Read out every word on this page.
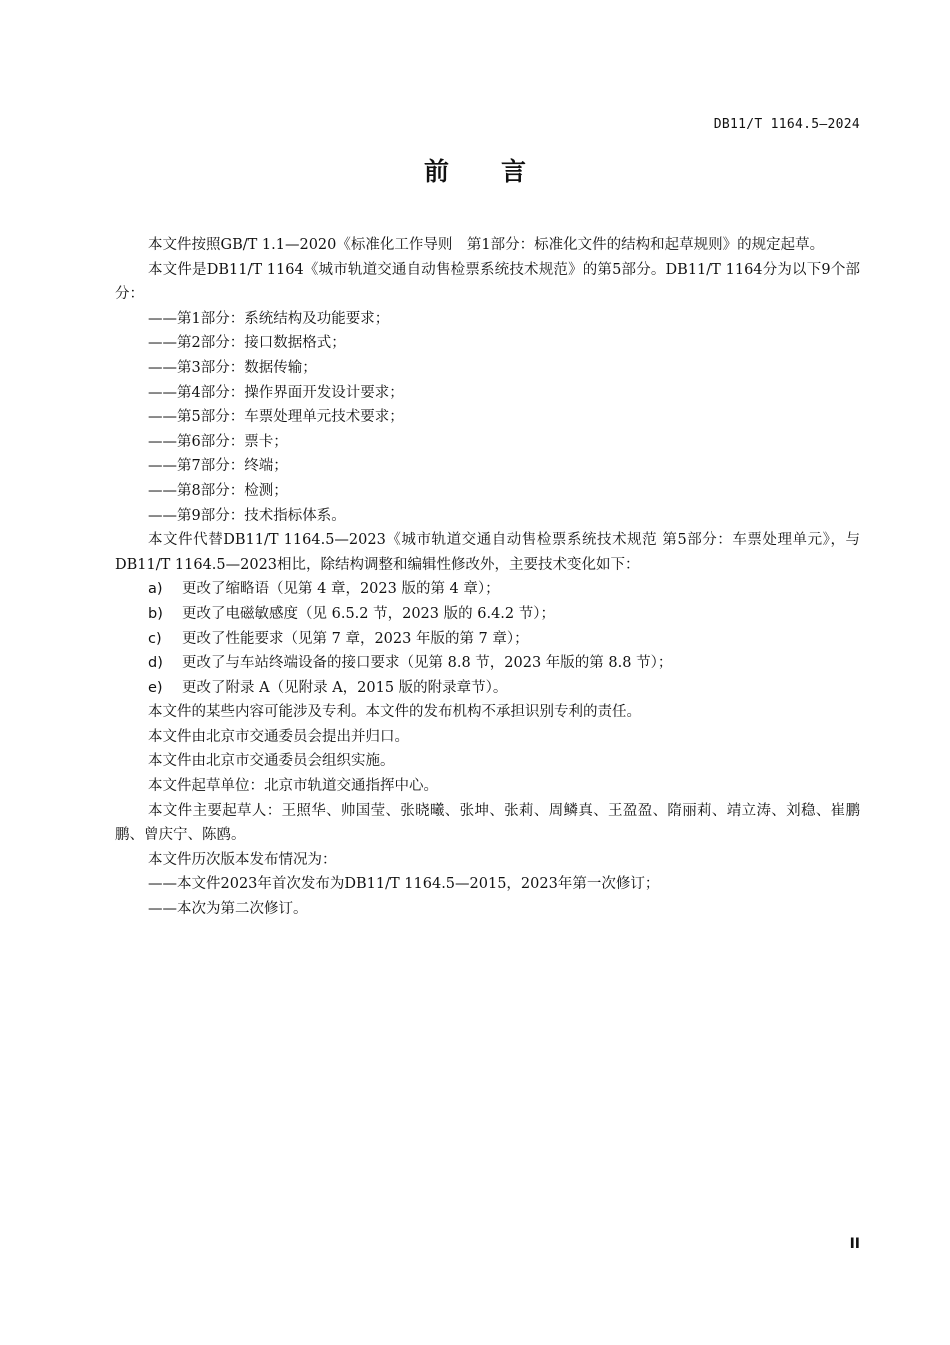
DB11/T 1164.5—2024
前言

本文件按照GB/T 1.1—2020《标准化工作导则　第1部分：标准化文件的结构和起草规则》的规定起草。

本文件是DB11/T 1164《城市轨道交通自动售检票系统技术规范》的第5部分。DB11/T 1164分为以下9个部分：

——第1部分：系统结构及功能要求；

——第2部分：接口数据格式；

——第3部分：数据传输；

——第4部分：操作界面开发设计要求；

——第5部分：车票处理单元技术要求；

——第6部分：票卡；

——第7部分：终端；

——第8部分：检测；

——第9部分：技术指标体系。

本文件代替DB11/T 1164.5—2023《城市轨道交通自动售检票系统技术规范 第5部分：车票处理单元》，与DB11/T 1164.5—2023相比，除结构调整和编辑性修改外，主要技术变化如下：

a) 更改了缩略语（见第 4 章，2023 版的第 4 章）；

b) 更改了电磁敏感度（见 6.5.2 节，2023 版的 6.4.2 节）；

c) 更改了性能要求（见第 7 章，2023 年版的第 7 章）；

d) 更改了与车站终端设备的接口要求（见第 8.8 节，2023 年版的第 8.8 节）；

e) 更改了附录 A（见附录 A，2015 版的附录章节）。

本文件的某些内容可能涉及专利。本文件的发布机构不承担识别专利的责任。

本文件由北京市交通委员会提出并归口。

本文件由北京市交通委员会组织实施。

本文件起草单位：北京市轨道交通指挥中心。

本文件主要起草人：王照华、帅国莹、张晓曦、张坤、张莉、周鳞真、王盈盈、隋丽莉、靖立涛、刘稳、崔鹏鹏、曾庆宁、陈鸥。

本文件历次版本发布情况为：

——本文件2023年首次发布为DB11/T 1164.5—2015，2023年第一次修订；

——本次为第二次修订。

II
